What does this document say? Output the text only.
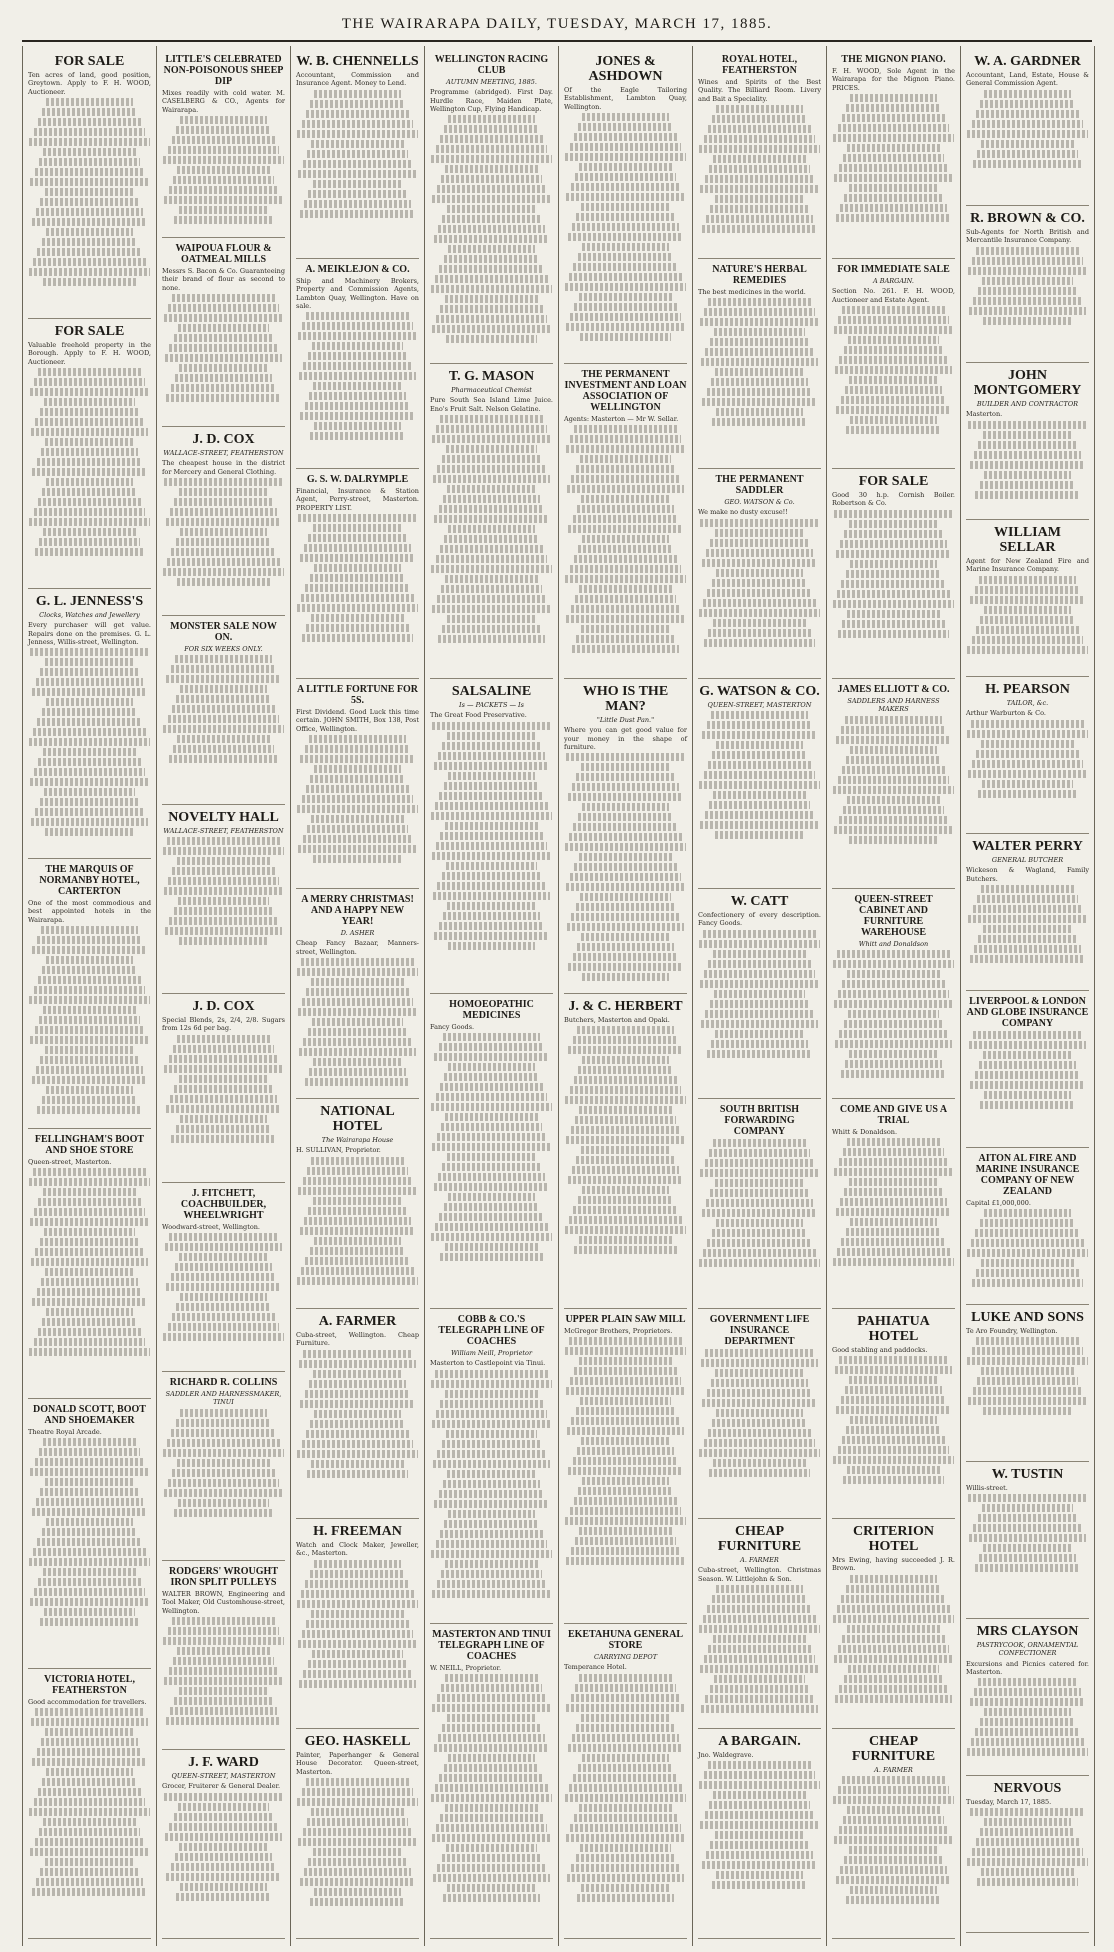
THE WAIRARAPA DAILY, TUESDAY, MARCH 17, 1885.
FOR SALE
Ten acres of land, good position, Greytown. Apply to F. H. WOOD, Auctioneer.
FOR SALE
Valuable freehold property in the Borough. Apply to F. H. WOOD, Auctioneer.
G. L. JENNESS'S
Clocks, Watches and Jewellery
Every purchaser will get value. Repairs done on the premises. G. L. Jenness, Willis-street, Wellington.
THE MARQUIS OF NORMANBY HOTEL, CARTERTON
One of the most commodious and best appointed hotels in the Wairarapa.
FELLINGHAM'S BOOT AND SHOE STORE
Queen-street, Masterton.
DONALD SCOTT, BOOT AND SHOEMAKER
Theatre Royal Arcade.
VICTORIA HOTEL, FEATHERSTON
Good accommodation for travellers.
LITTLE'S CELEBRATED NON-POISONOUS SHEEP DIP
Mixes readily with cold water. M. CASELBERG & CO., Agents for Wairarapa.
WAIPOUA FLOUR & OATMEAL MILLS
Messrs S. Bacon & Co. Guaranteeing their brand of flour as second to none.
J. D. COX
WALLACE-STREET, FEATHERSTON
The cheapest house in the district for Mercery and General Clothing.
MONSTER SALE NOW ON.
FOR SIX WEEKS ONLY.
NOVELTY HALL
WALLACE-STREET, FEATHERSTON
J. D. COX
Special Blends, 2s, 2/4, 2/8. Sugars from 12s 6d per bag.
J. FITCHETT, COACHBUILDER, WHEELWRIGHT
Woodward-street, Wellington.
RICHARD R. COLLINS
SADDLER AND HARNESSMAKER, TINUI
RODGERS' WROUGHT IRON SPLIT PULLEYS
WALTER BROWN, Engineering and Tool Maker, Old Customhouse-street, Wellington.
J. F. WARD
QUEEN-STREET, MASTERTON
Grocer, Fruiterer & General Dealer.
W. B. CHENNELLS
Accountant, Commission and Insurance Agent. Money to Lend.
A. MEIKLEJON & CO.
Ship and Machinery Brokers, Property and Commission Agents, Lambton Quay, Wellington. Have on sale.
G. S. W. DALRYMPLE
Financial, Insurance & Station Agent, Perry-street, Masterton. PROPERTY LIST.
A LITTLE FORTUNE FOR 5S.
First Dividend. Good Luck this time certain. JOHN SMITH, Box 138, Post Office, Wellington.
A MERRY CHRISTMAS! AND A HAPPY NEW YEAR!
D. ASHER
Cheap Fancy Bazaar, Manners-street, Wellington.
NATIONAL HOTEL
The Wairarapa House
H. SULLIVAN, Proprietor.
A. FARMER
Cuba-street, Wellington. Cheap Furniture.
H. FREEMAN
Watch and Clock Maker, Jeweller, &c., Masterton.
GEO. HASKELL
Painter, Paperhanger & General House Decorator. Queen-street, Masterton.
WELLINGTON RACING CLUB
AUTUMN MEETING, 1885.
Programme (abridged). First Day. Hurdle Race, Maiden Plate, Wellington Cup, Flying Handicap.
T. G. MASON
Pharmaceutical Chemist
Pure South Sea Island Lime Juice. Eno's Fruit Salt. Nelson Gelatine.
SALSALINE
Is — PACKETS — Is
The Great Food Preservative.
HOMOEOPATHIC MEDICINES
Fancy Goods.
COBB & CO.'S TELEGRAPH LINE OF COACHES
William Neill, Proprietor
Masterton to Castlepoint via Tinui.
MASTERTON AND TINUI TELEGRAPH LINE OF COACHES
W. NEILL, Proprietor.
JONES & ASHDOWN
Of the Eagle Tailoring Establishment, Lambton Quay, Wellington.
THE PERMANENT INVESTMENT AND LOAN ASSOCIATION OF WELLINGTON
Agents: Masterton — Mr W. Sellar.
WHO IS THE MAN?
"Little Dust Pan."
Where you can get good value for your money in the shape of furniture.
J. & C. HERBERT
Butchers, Masterton and Opaki.
UPPER PLAIN SAW MILL
McGregor Brothers, Proprietors.
EKETAHUNA GENERAL STORE
CARRYING DEPOT
Temperance Hotel.
ROYAL HOTEL, FEATHERSTON
Wines and Spirits of the Best Quality. The Billiard Room. Livery and Bait a Speciality.
NATURE'S HERBAL REMEDIES
The best medicines in the world.
THE PERMANENT SADDLER
GEO. WATSON & Co.
We make no dusty excuse!!
G. WATSON & CO.
QUEEN-STREET, MASTERTON
W. CATT
Confectionery of every description. Fancy Goods.
SOUTH BRITISH FORWARDING COMPANY
GOVERNMENT LIFE INSURANCE DEPARTMENT
CHEAP FURNITURE
A. FARMER
Cuba-street, Wellington. Christmas Season. W. Littlejohn & Son.
A BARGAIN.
Jno. Waldegrave.
THE MIGNON PIANO.
F. H. WOOD, Sole Agent in the Wairarapa for the Mignon Piano. PRICES.
FOR IMMEDIATE SALE
A BARGAIN.
Section No. 261. F. H. WOOD, Auctioneer and Estate Agent.
FOR SALE
Good 30 h.p. Cornish Boiler. Robertson & Co.
JAMES ELLIOTT & CO.
SADDLERS AND HARNESS MAKERS
QUEEN-STREET CABINET AND FURNITURE WAREHOUSE
Whitt and Donaldson
COME AND GIVE US A TRIAL
Whitt & Donaldson.
PAHIATUA HOTEL
Good stabling and paddocks.
CRITERION HOTEL
Mrs Ewing, having succeeded J. R. Brown.
CHEAP FURNITURE
A. FARMER
W. A. GARDNER
Accountant, Land, Estate, House & General Commission Agent.
R. BROWN & CO.
Sub-Agents for North British and Mercantile Insurance Company.
JOHN MONTGOMERY
BUILDER AND CONTRACTOR
Masterton.
WILLIAM SELLAR
Agent for New Zealand Fire and Marine Insurance Company.
H. PEARSON
TAILOR, &c.
Arthur Warburton & Co.
WALTER PERRY
GENERAL BUTCHER
Wickeson & Wagland, Family Butchers.
LIVERPOOL & LONDON AND GLOBE INSURANCE COMPANY
AITON AL FIRE AND MARINE INSURANCE COMPANY OF NEW ZEALAND
Capital £1,000,000.
LUKE AND SONS
Te Aro Foundry, Wellington.
W. TUSTIN
Willis-street.
MRS CLAYSON
PASTRYCOOK, ORNAMENTAL CONFECTIONER
Excursions and Picnics catered for. Masterton.
NERVOUS
Tuesday, March 17, 1885.
